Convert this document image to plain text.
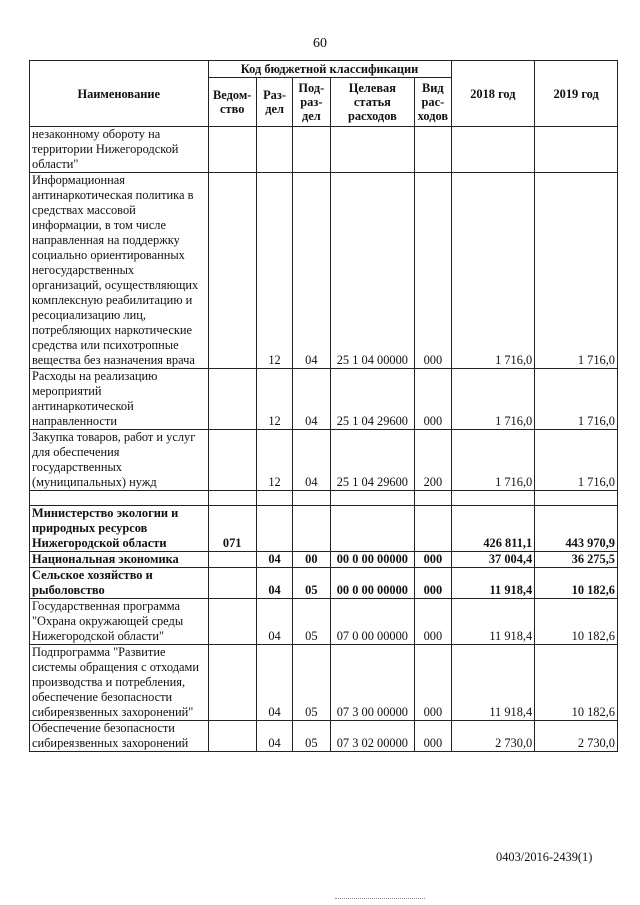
60
Наименование	Код бюджетной классификации					2018 год	2019 год
	Ведом-ство	Раз-дел	Под-раз-дел	Целевая статья расходов	Вид рас-ходов		
незаконному обороту на территории Нижегородской области"							
Информационная антинаркотическая политика в средствах массовой информации, в том числе направленная на поддержку социально ориентированных негосударственных организаций, осуществляющих комплексную реабилитацию и ресоциализацию лиц, потребляющих наркотические средства или психотропные вещества без назначения врача		12	04	25 1 04 00000	000	1 716,0	1 716,0
Расходы на реализацию мероприятий антинаркотической направленности		12	04	25 1 04 29600	000	1 716,0	1 716,0
Закупка товаров, работ и услуг для обеспечения государственных (муниципальных) нужд		12	04	25 1 04 29600	200	1 716,0	1 716,0

Министерство экологии и природных ресурсов Нижегородской области	071					426 811,1	443 970,9
Национальная экономика		04	00	00 0 00 00000	000	37 004,4	36 275,5
Сельское хозяйство и рыболовство		04	05	00 0 00 00000	000	11 918,4	10 182,6
Государственная программа "Охрана окружающей среды Нижегородской области"		04	05	07 0 00 00000	000	11 918,4	10 182,6
Подпрограмма "Развитие системы обращения с отходами производства и потребления, обеспечение безопасности сибиреязвенных захоронений"		04	05	07 3 00 00000	000	11 918,4	10 182,6
Обеспечение безопасности сибиреязвенных захоронений		04	05	07 3 02 00000	000	2 730,0	2 730,0
0403/2016-2439(1)
